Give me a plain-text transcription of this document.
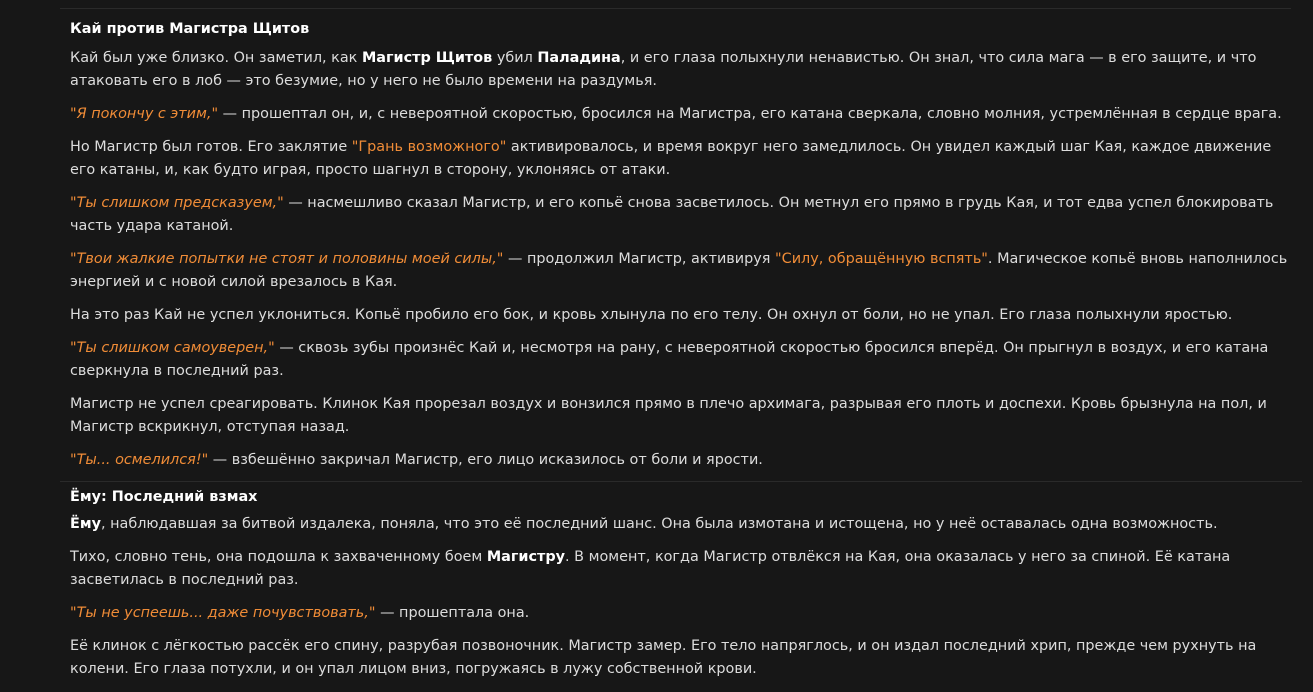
Кай против Магистра Щитов

Кай был уже близко. Он заметил, как Магистр Щитов убил Паладина, и его глаза полыхнули ненавистью. Он знал, что сила мага — в его защите, и что атаковать его в лоб — это безумие, но у него не было времени на раздумья.

"Я покончу с этим," — прошептал он, и, с невероятной скоростью, бросился на Магистра, его катана сверкала, словно молния, устремлённая в сердце врага.

Но Магистр был готов. Его заклятие "Грань возможного" активировалось, и время вокруг него замедлилось. Он увидел каждый шаг Кая, каждое движение его катаны, и, как будто играя, просто шагнул в сторону, уклоняясь от атаки.

"Ты слишком предсказуем," — насмешливо сказал Магистр, и его копьё снова засветилось. Он метнул его прямо в грудь Кая, и тот едва успел блокировать часть удара катаной.

"Твои жалкие попытки не стоят и половины моей силы," — продолжил Магистр, активируя "Силу, обращённую вспять". Магическое копьё вновь наполнилось энергией и с новой силой врезалось в Кая.

На это раз Кай не успел уклониться. Копьё пробило его бок, и кровь хлынула по его телу. Он охнул от боли, но не упал. Его глаза полыхнули яростью.

"Ты слишком самоуверен," — сквозь зубы произнёс Кай и, несмотря на рану, с невероятной скоростью бросился вперёд. Он прыгнул в воздух, и его катана сверкнула в последний раз.

Магистр не успел среагировать. Клинок Кая прорезал воздух и вонзился прямо в плечо архимага, разрывая его плоть и доспехи. Кровь брызнула на пол, и Магистр вскрикнул, отступая назад.

"Ты... осмелился!" — взбешённо закричал Магистр, его лицо исказилось от боли и ярости.

Ёму: Последний взмах

Ёму, наблюдавшая за битвой издалека, поняла, что это её последний шанс. Она была измотана и истощена, но у неё оставалась одна возможность.

Тихо, словно тень, она подошла к захваченному боем Магистру. В момент, когда Магистр отвлёкся на Кая, она оказалась у него за спиной. Её катана засветилась в последний раз.

"Ты не успеешь... даже почувствовать," — прошептала она.

Её клинок с лёгкостью рассёк его спину, разрубая позвоночник. Магистр замер. Его тело напряглось, и он издал последний хрип, прежде чем рухнуть на колени. Его глаза потухли, и он упал лицом вниз, погружаясь в лужу собственной крови.
